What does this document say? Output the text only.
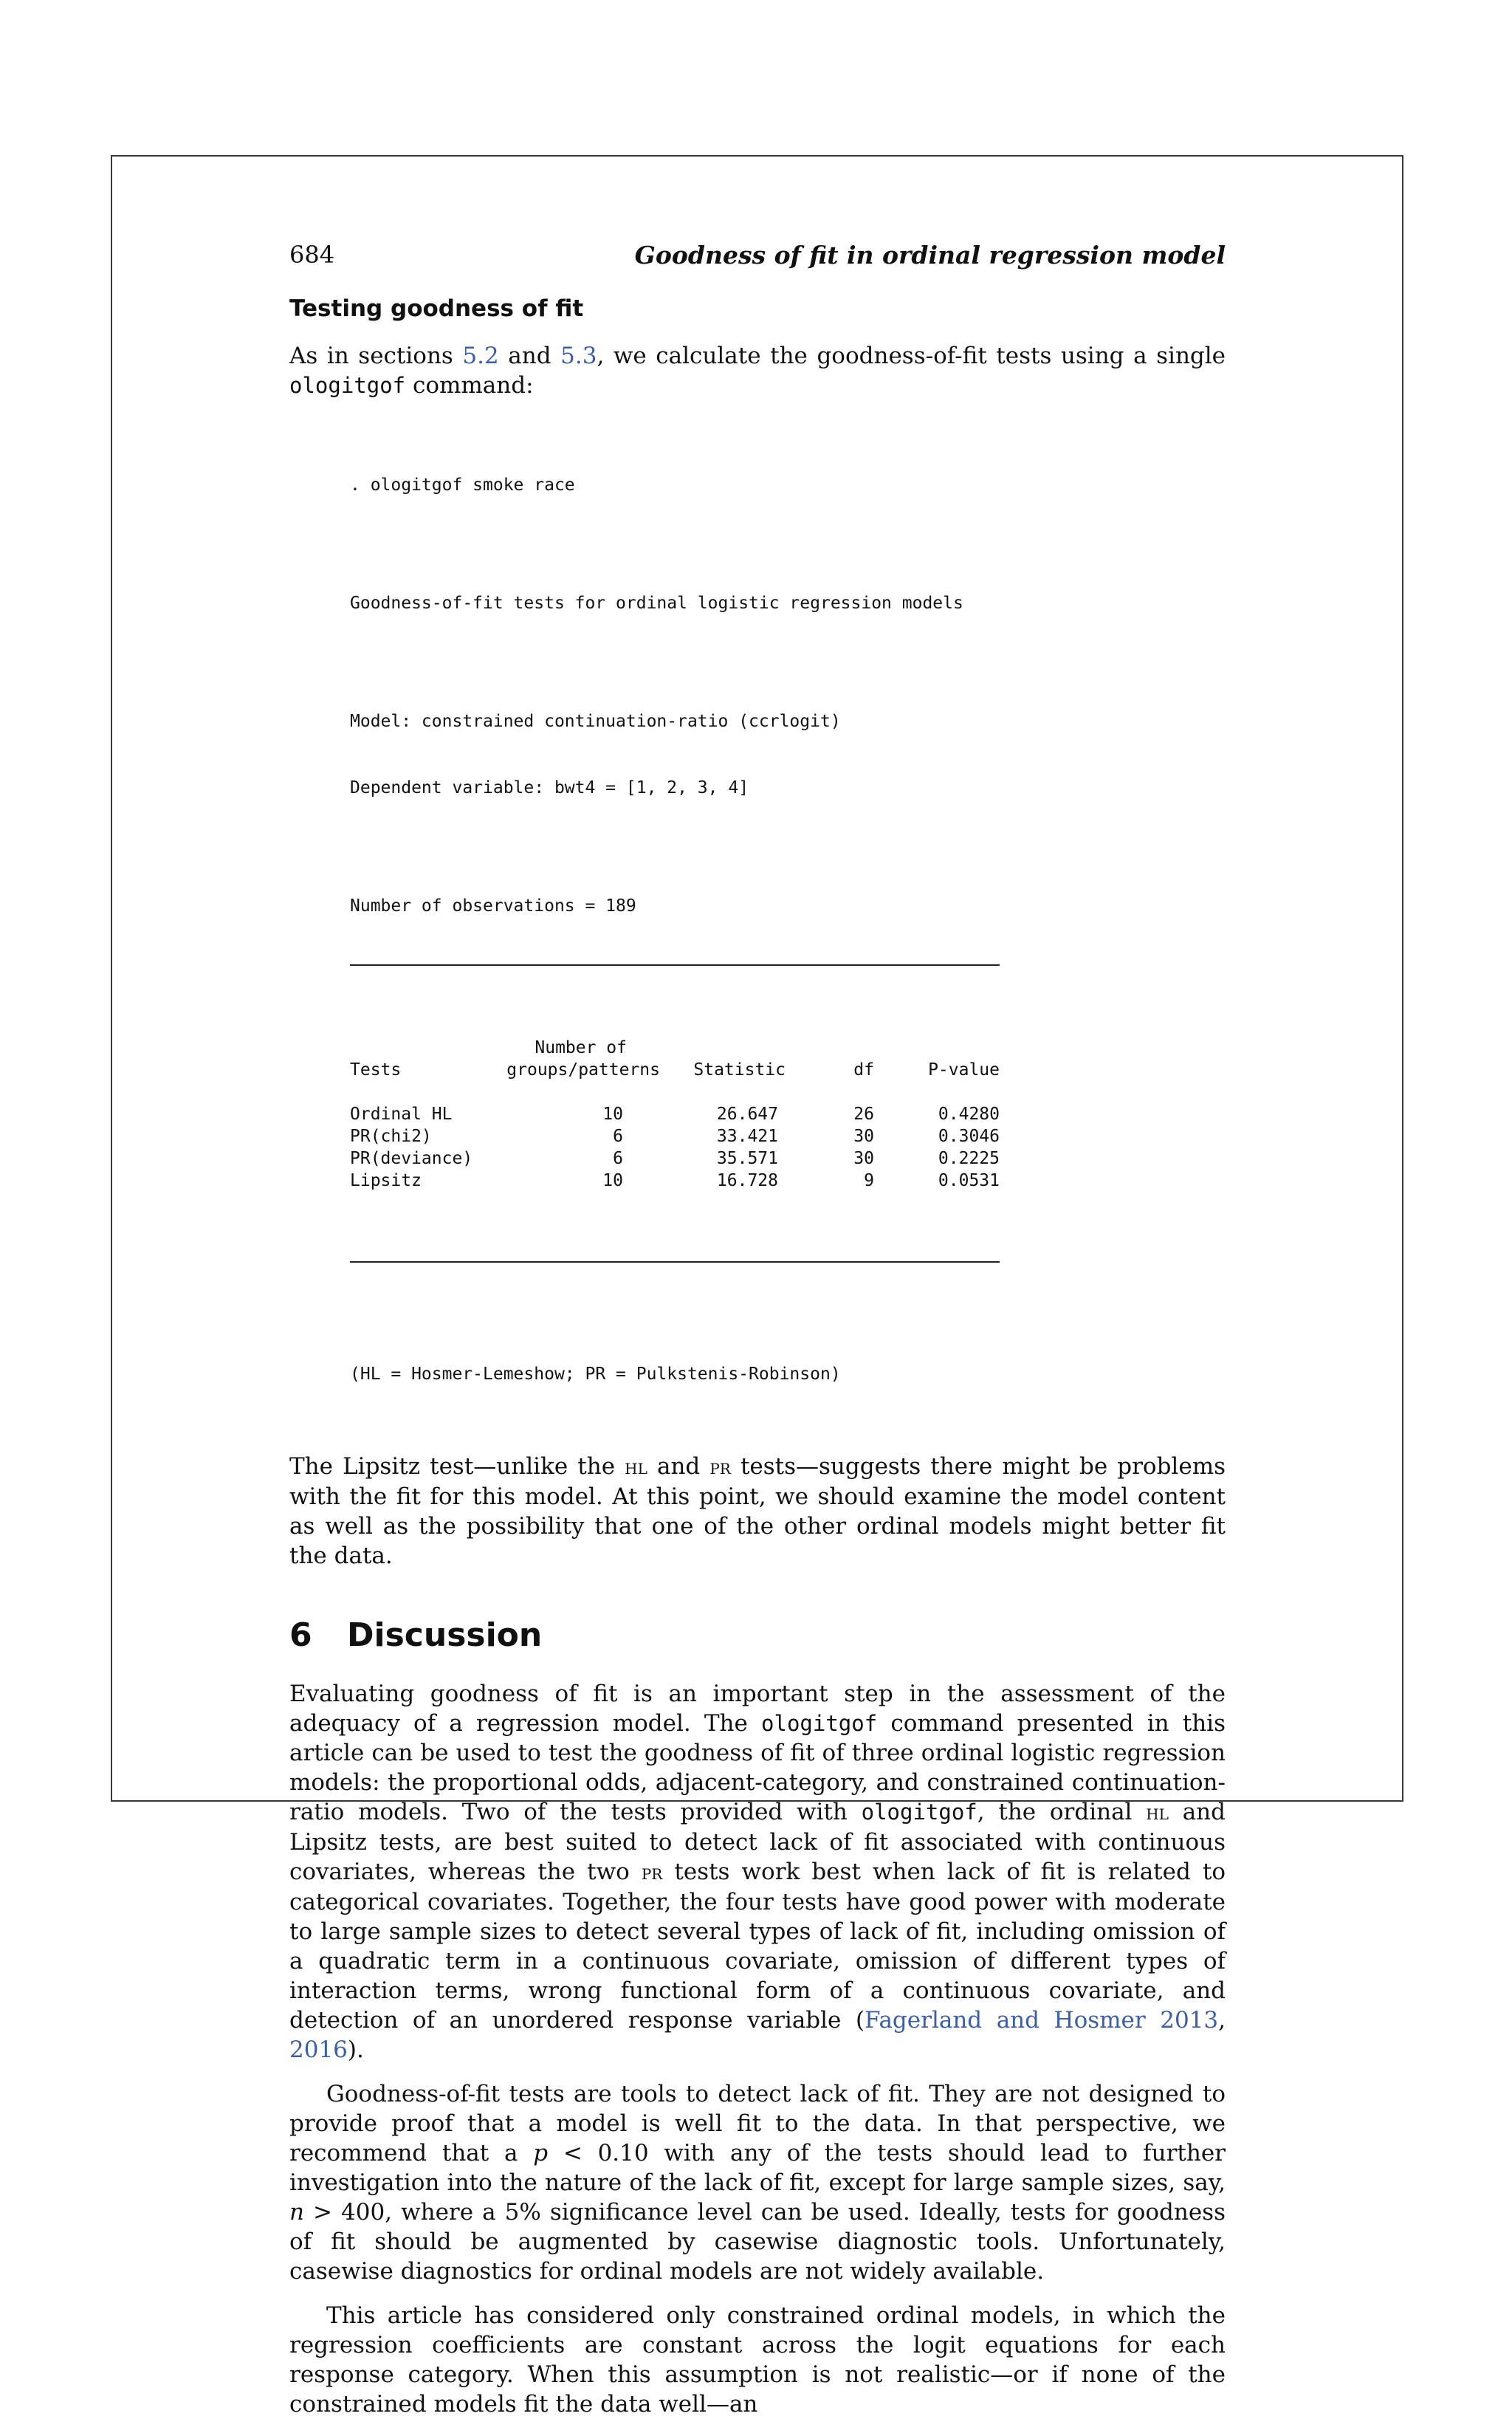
684	Goodness of fit in ordinal regression model
Testing goodness of fit

As in sections 5.2 and 5.3, we calculate the goodness-of-fit tests using a single ologitgof command:

. ologitgof smoke race

Goodness-of-fit tests for ordinal logistic regression models

Model: constrained continuation-ratio (ccrlogit)

Dependent variable: bwt4 = [1, 2, 3, 4]

Number of observations = 189

	Number of			
Tests	groups/patterns	Statistic	df	P-value

Ordinal HL	10	26.647	26	0.4280
PR(chi2)	6	33.421	30	0.3046
PR(deviance)	6	35.571	30	0.2225
Lipsitz	10	16.728	9	0.0531

(HL = Hosmer-Lemeshow; PR = Pulkstenis-Robinson)

The Lipsitz test—unlike the hl and pr tests—suggests there might be problems with the fit for this model. At this point, we should examine the model content as well as the possibility that one of the other ordinal models might better fit the data.

6 Discussion

Evaluating goodness of fit is an important step in the assessment of the adequacy of a regression model. The ologitgof command presented in this article can be used to test the goodness of fit of three ordinal logistic regression models: the proportional odds, adjacent-category, and constrained continuation-ratio models. Two of the tests provided with ologitgof, the ordinal hl and Lipsitz tests, are best suited to detect lack of fit associated with continuous covariates, whereas the two pr tests work best when lack of fit is related to categorical covariates. Together, the four tests have good power with moderate to large sample sizes to detect several types of lack of fit, including omission of a quadratic term in a continuous covariate, omission of different types of interaction terms, wrong functional form of a continuous covariate, and detection of an unordered response variable (Fagerland and Hosmer 2013, 2016).

Goodness-of-fit tests are tools to detect lack of fit. They are not designed to provide proof that a model is well fit to the data. In that perspective, we recommend that a p < 0.10 with any of the tests should lead to further investigation into the nature of the lack of fit, except for large sample sizes, say, n > 400, where a 5% significance level can be used. Ideally, tests for goodness of fit should be augmented by casewise diagnostic tools. Unfortunately, casewise diagnostics for ordinal models are not widely available.

This article has considered only constrained ordinal models, in which the regression coefficients are constant across the logit equations for each response category. When this assumption is not realistic—or if none of the constrained models fit the data well—an
